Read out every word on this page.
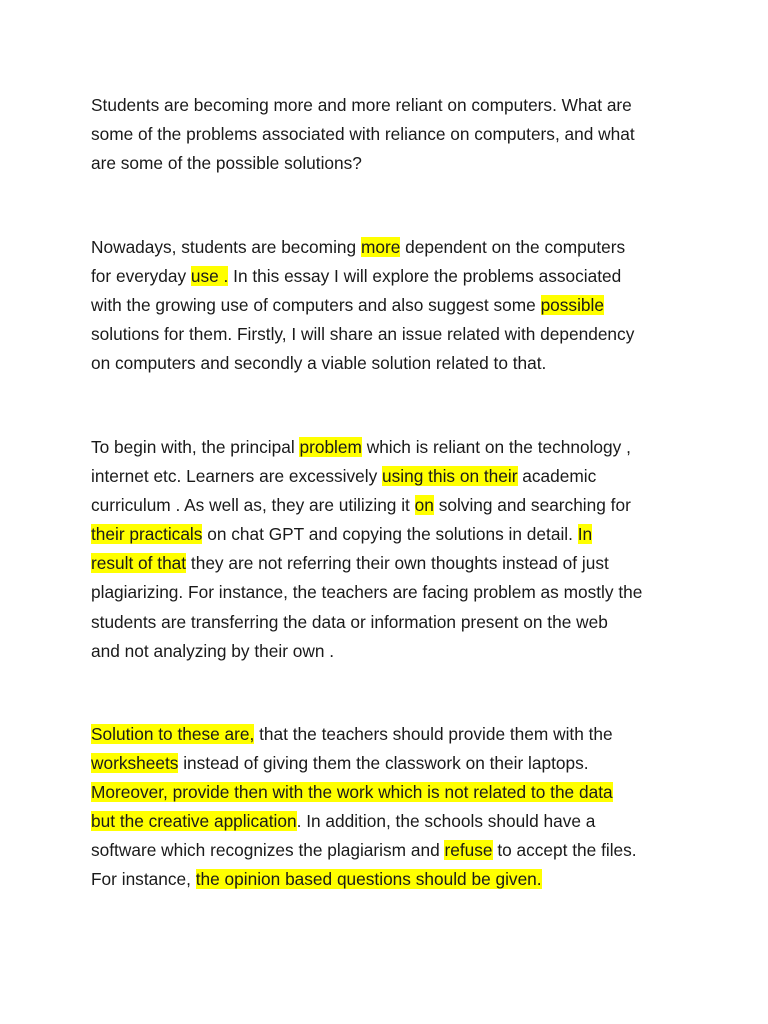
Students are becoming more and more reliant on computers. What are
some of the problems associated with reliance on computers, and what
are some of the possible solutions?
Nowadays, students are becoming more dependent on the computers
for everyday use . In this essay I will explore the problems associated
with the growing use of computers and also suggest some possible
solutions for them. Firstly, I will share an issue related with dependency
on computers and secondly a viable solution related to that.
To begin with, the principal problem which is reliant on the technology ,
internet etc. Learners are excessively using this on their academic
curriculum . As well as, they are utilizing it on solving and searching for
their practicals on chat GPT and copying the solutions in detail. In
result of that they are not referring their own thoughts instead of just
plagiarizing. For instance, the teachers are facing problem as mostly the
students are transferring the data or information present on the web
and not analyzing by their own .
Solution to these are, that the teachers should provide them with the
worksheets instead of giving them the classwork on their laptops.
Moreover, provide then with the work which is not related to the data
but the creative application. In addition, the schools should have a
software which recognizes the plagiarism and refuse to accept the files.
For instance, the opinion based questions should be given.
